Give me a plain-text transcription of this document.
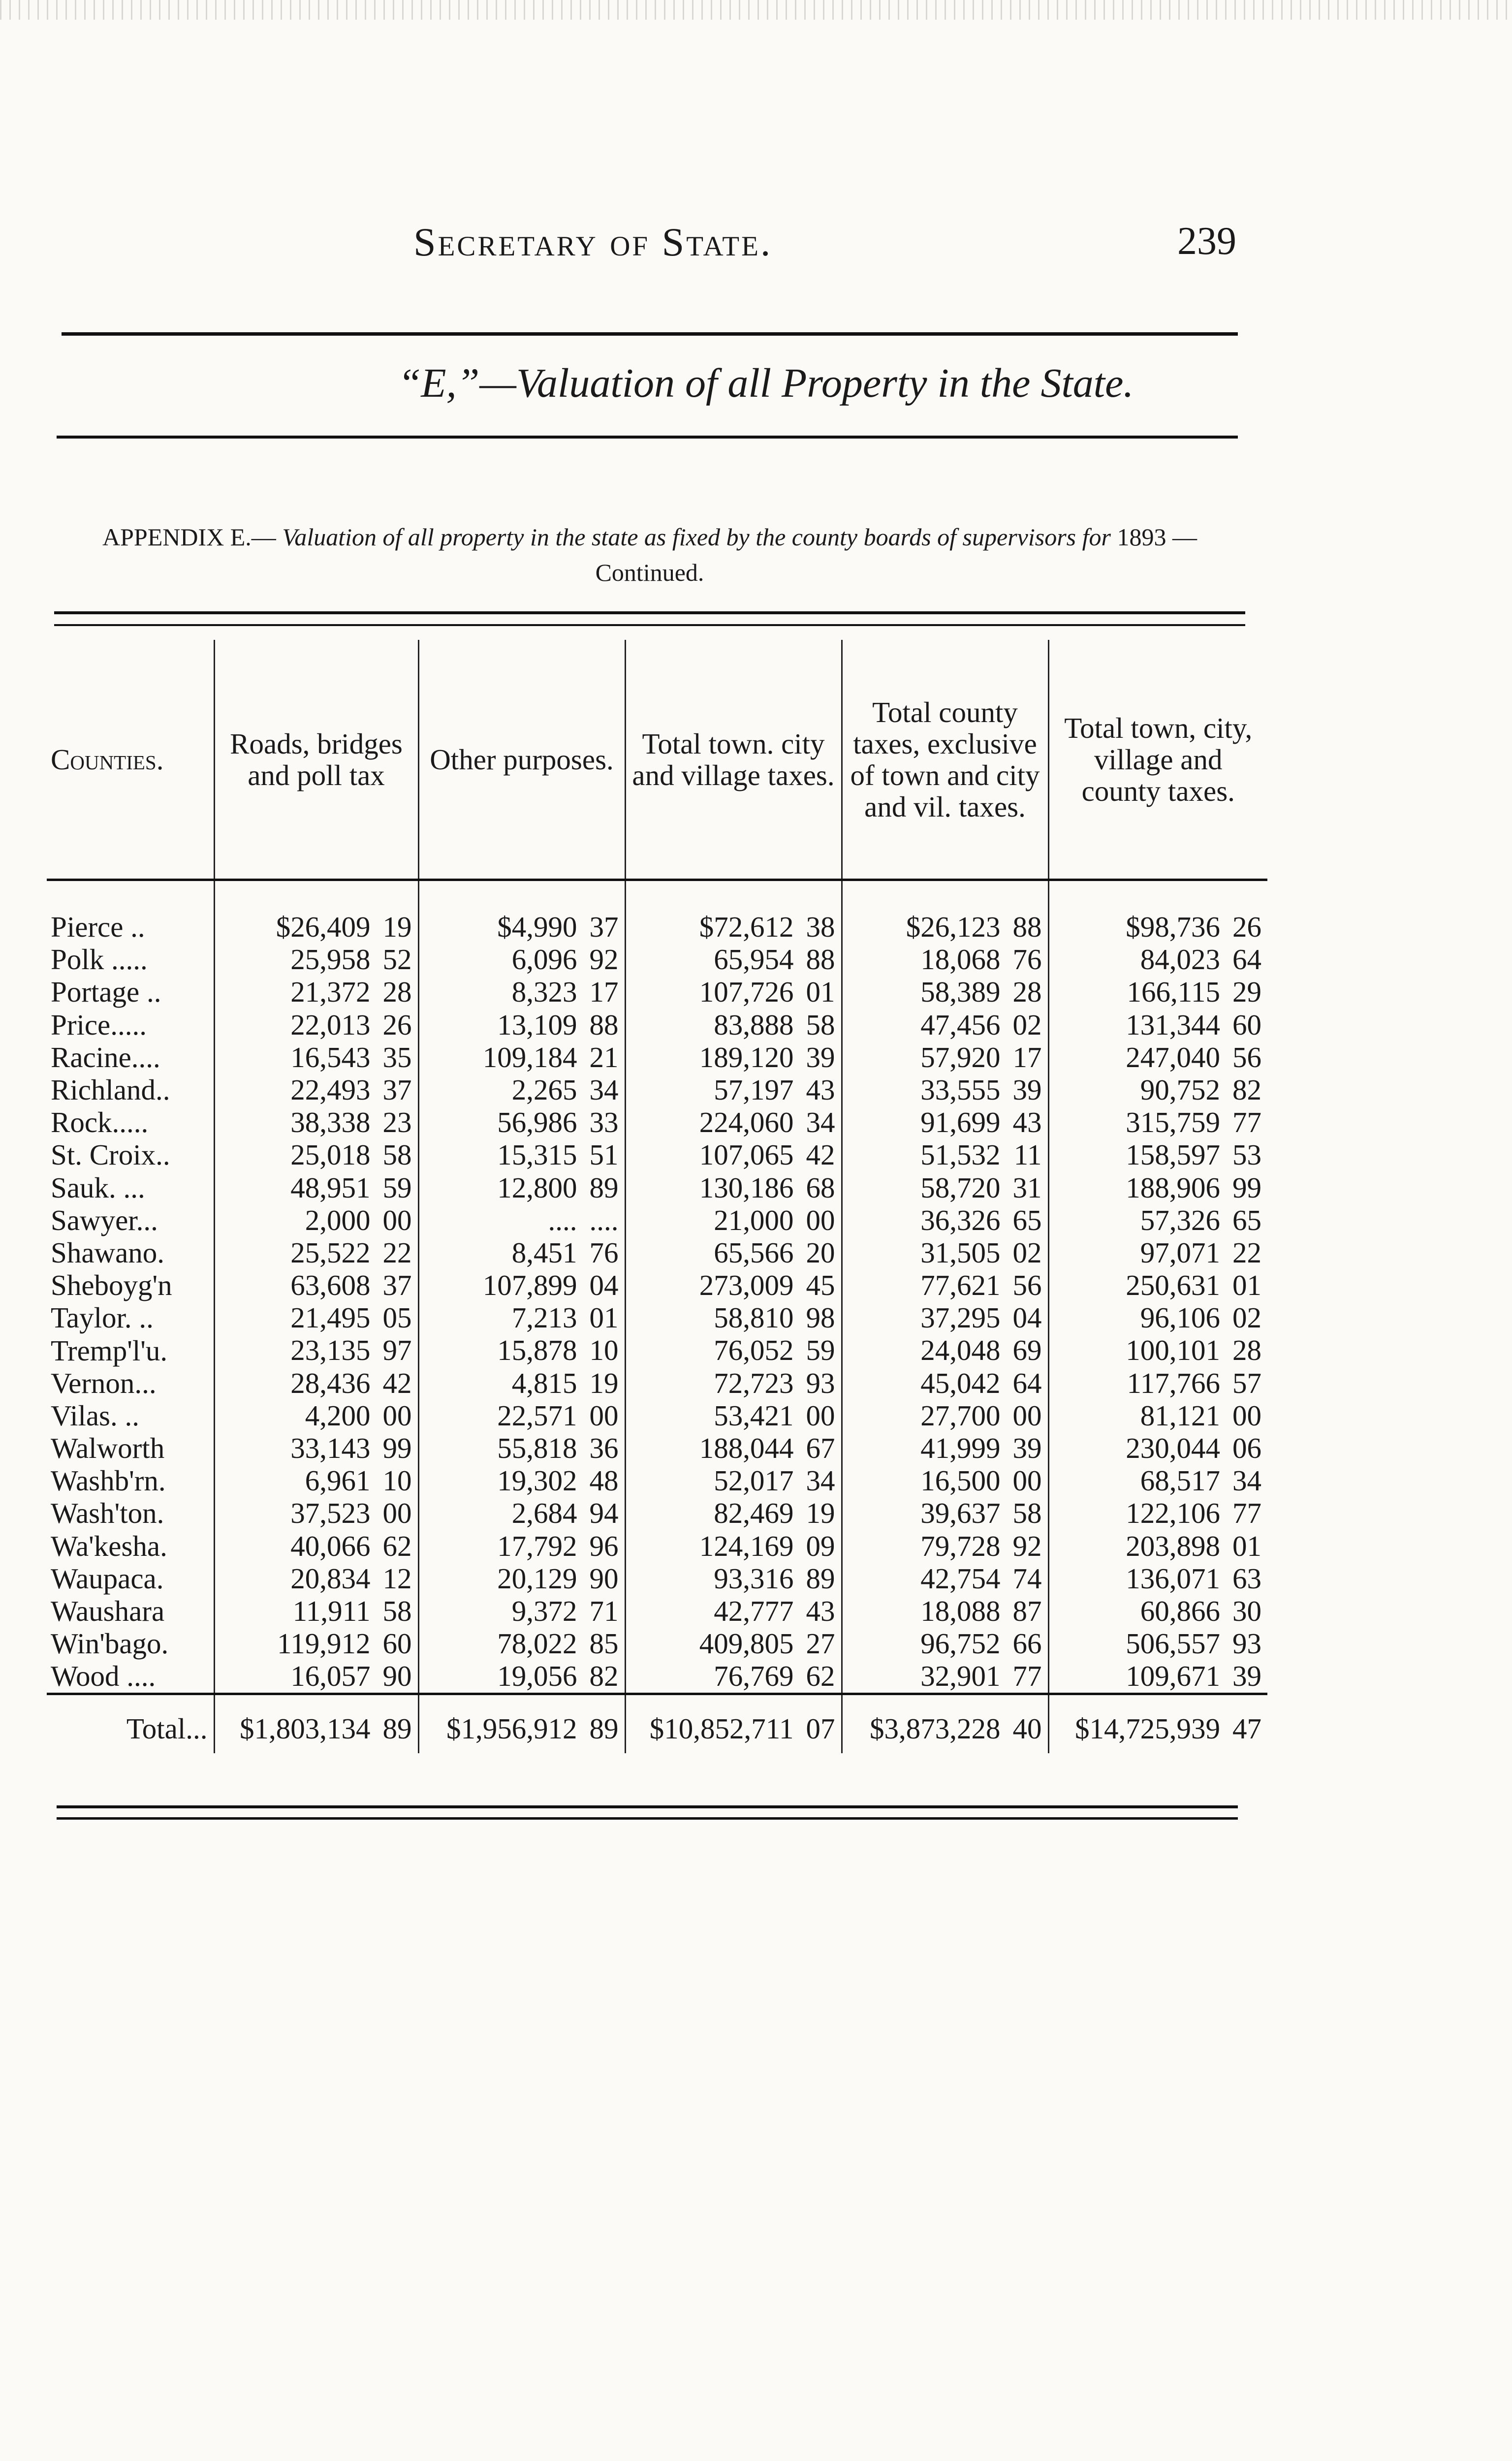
Secretary of State.	239
“E,”—Valuation of all Property in the State.
APPENDIX E.— Valuation of all property in the state as fixed by the county boards of supervisors for 1893 — Continued.
Counties.	Roads, bridges and poll tax	Other purposes.	Total town. city and village taxes.	Total county taxes, exclusive of town and city and vil. taxes.	Total town, city, village and county taxes.

Pierce ..	$26,409 19	$4,990 37	$72,612 38	$26,123 88	$98,736 26

Polk .....	25,958 52	6,096 92	65,954 88	18,068 76	84,023 64

Portage ..	21,372 28	8,323 17	107,726 01	58,389 28	166,115 29

Price.....	22,013 26	13,109 88	83,888 58	47,456 02	131,344 60

Racine....	16,543 35	109,184 21	189,120 39	57,920 17	247,040 56

Richland..	22,493 37	2,265 34	57,197 43	33,555 39	90,752 82

Rock.....	38,338 23	56,986 33	224,060 34	91,699 43	315,759 77

St. Croix..	25,018 58	15,315 51	107,065 42	51,532 11	158,597 53

Sauk. ...	48,951 59	12,800 89	130,186 68	58,720 31	188,906 99

Sawyer...	2,000 00	.... ....	21,000 00	36,326 65	57,326 65

Shawano.	25,522 22	8,451 76	65,566 20	31,505 02	97,071 22

Sheboyg'n	63,608 37	107,899 04	273,009 45	77,621 56	250,631 01

Taylor. ..	21,495 05	7,213 01	58,810 98	37,295 04	96,106 02

Tremp'l'u.	23,135 97	15,878 10	76,052 59	24,048 69	100,101 28

Vernon...	28,436 42	4,815 19	72,723 93	45,042 64	117,766 57

Vilas. ..	4,200 00	22,571 00	53,421 00	27,700 00	81,121 00

Walworth	33,143 99	55,818 36	188,044 67	41,999 39	230,044 06

Washb'rn.	6,961 10	19,302 48	52,017 34	16,500 00	68,517 34

Wash'ton.	37,523 00	2,684 94	82,469 19	39,637 58	122,106 77

Wa'kesha.	40,066 62	17,792 96	124,169 09	79,728 92	203,898 01

Waupaca.	20,834 12	20,129 90	93,316 89	42,754 74	136,071 63

Waushara	11,911 58	9,372 71	42,777 43	18,088 87	60,866 30

Win'bago.	119,912 60	78,022 85	409,805 27	96,752 66	506,557 93

Wood ....	16,057 90	19,056 82	76,769 62	32,901 77	109,671 39

Total...	$1,803,134 89	$1,956,912 89	$10,852,711 07	$3,873,228 40	$14,725,939 47
